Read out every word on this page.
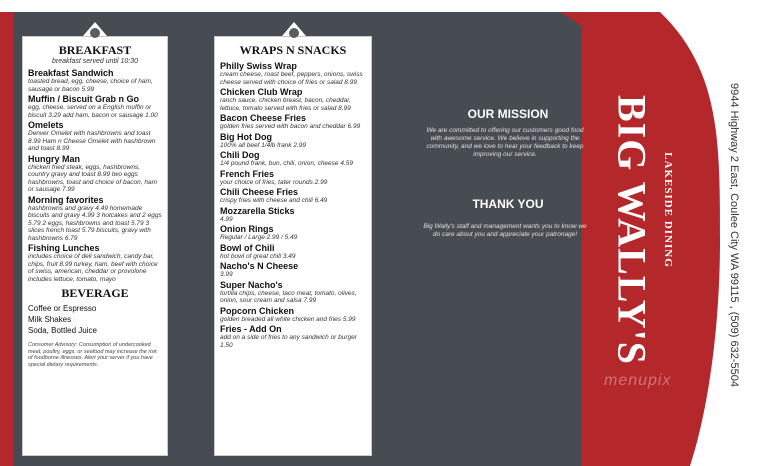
BREAKFAST

breakfast served until 10:30

Breakfast Sandwich

toasted bread, egg, cheese, choice of ham, sausage or bacon 5.99

Muffin / Biscuit Grab n Go

egg, cheese, served on a English muffin or biscuit 3.29 add ham, bacon or sausage 1.00

Omelets

Denver Omelet with hashbrowns and toast 8.99 Ham n Cheese Omelet with hashbrown and toast 8.99

Hungry Man

chicken fried steak, eggs, hashbrowns, country gravy and toast 8.99 two eggs hashbrowns, toast and choice of bacon, ham or sausage 7.99

Morning favorites

hashbrowns and gravy 4.49 homemade biscuits and gravy 4.99 3 hotcakes and 2 eggs 5.79 2 eggs, hashbrowns and toast 5.79 3 slices french toast 5.79 biscuits, gravy with hashbrowns 6.79

Fishing Lunches

includes choice of deli sandwich, candy bar, chips, fruit 8.99 turkey, ham, beef with choice of swiss, american, cheddar or provolone includes lettuce, tomato, mayo

BEVERAGE

Coffee or Espresso

Milk Shakes

Soda, Bottled Juice

Consumer Advisory: Consumption of undercooked meat, poultry, eggs, or seafood may increase the risk of foodborne illnesses. Alert your server if you have special dietary requirements.

WRAPS N SNACKS

Philly Swiss Wrap

cream cheese, roast beef, peppers, onions, swiss cheese served with choice of fries or salad 8.99

Chicken Club Wrap

ranch sauce, chicken breast, bacon, cheddar, lettuce, tomato served with fries or salad 8.99

Bacon Cheese Fries

golden fries served with bacon and cheddar 6.99

Big Hot Dog

100% all beef 1/4lb frank 2.99

Chili Dog

1/4 pound frank, bun, chili, onion, cheese 4.59

French Fries

your choice of fries, tater rounds 2.99

Chili Cheese Fries

crispy fries with cheese and chili 6.49

Mozzarella Sticks

4.99

Onion Rings

Regular / Large 2.99 / 5.49

Bowl of Chili

hot bowl of great chili 3.49

Nacho's N Cheese

3.99

Super Nacho's

tortilla chips, cheese, taco meat, tomato, olives, onion, sour cream and salsa 7.99

Popcorn Chicken

golden breaded all white chicken and fries 5.99

Fries - Add On

add on a side of fries to any sandwich or burger 1.50

OUR MISSION

We are committed to offering our customers good food with awesome service. We believe in supporting the community, and we love to hear your feedback to keep improving our service.

THANK YOU

Big Wally's staff and management wants you to know we do care about you and appreciate your patronage! BIG WALLY'S LAKESIDE DINING	9944 Highway 2 East, Coulee City WA 99115 , (509) 632-5504
menupix
